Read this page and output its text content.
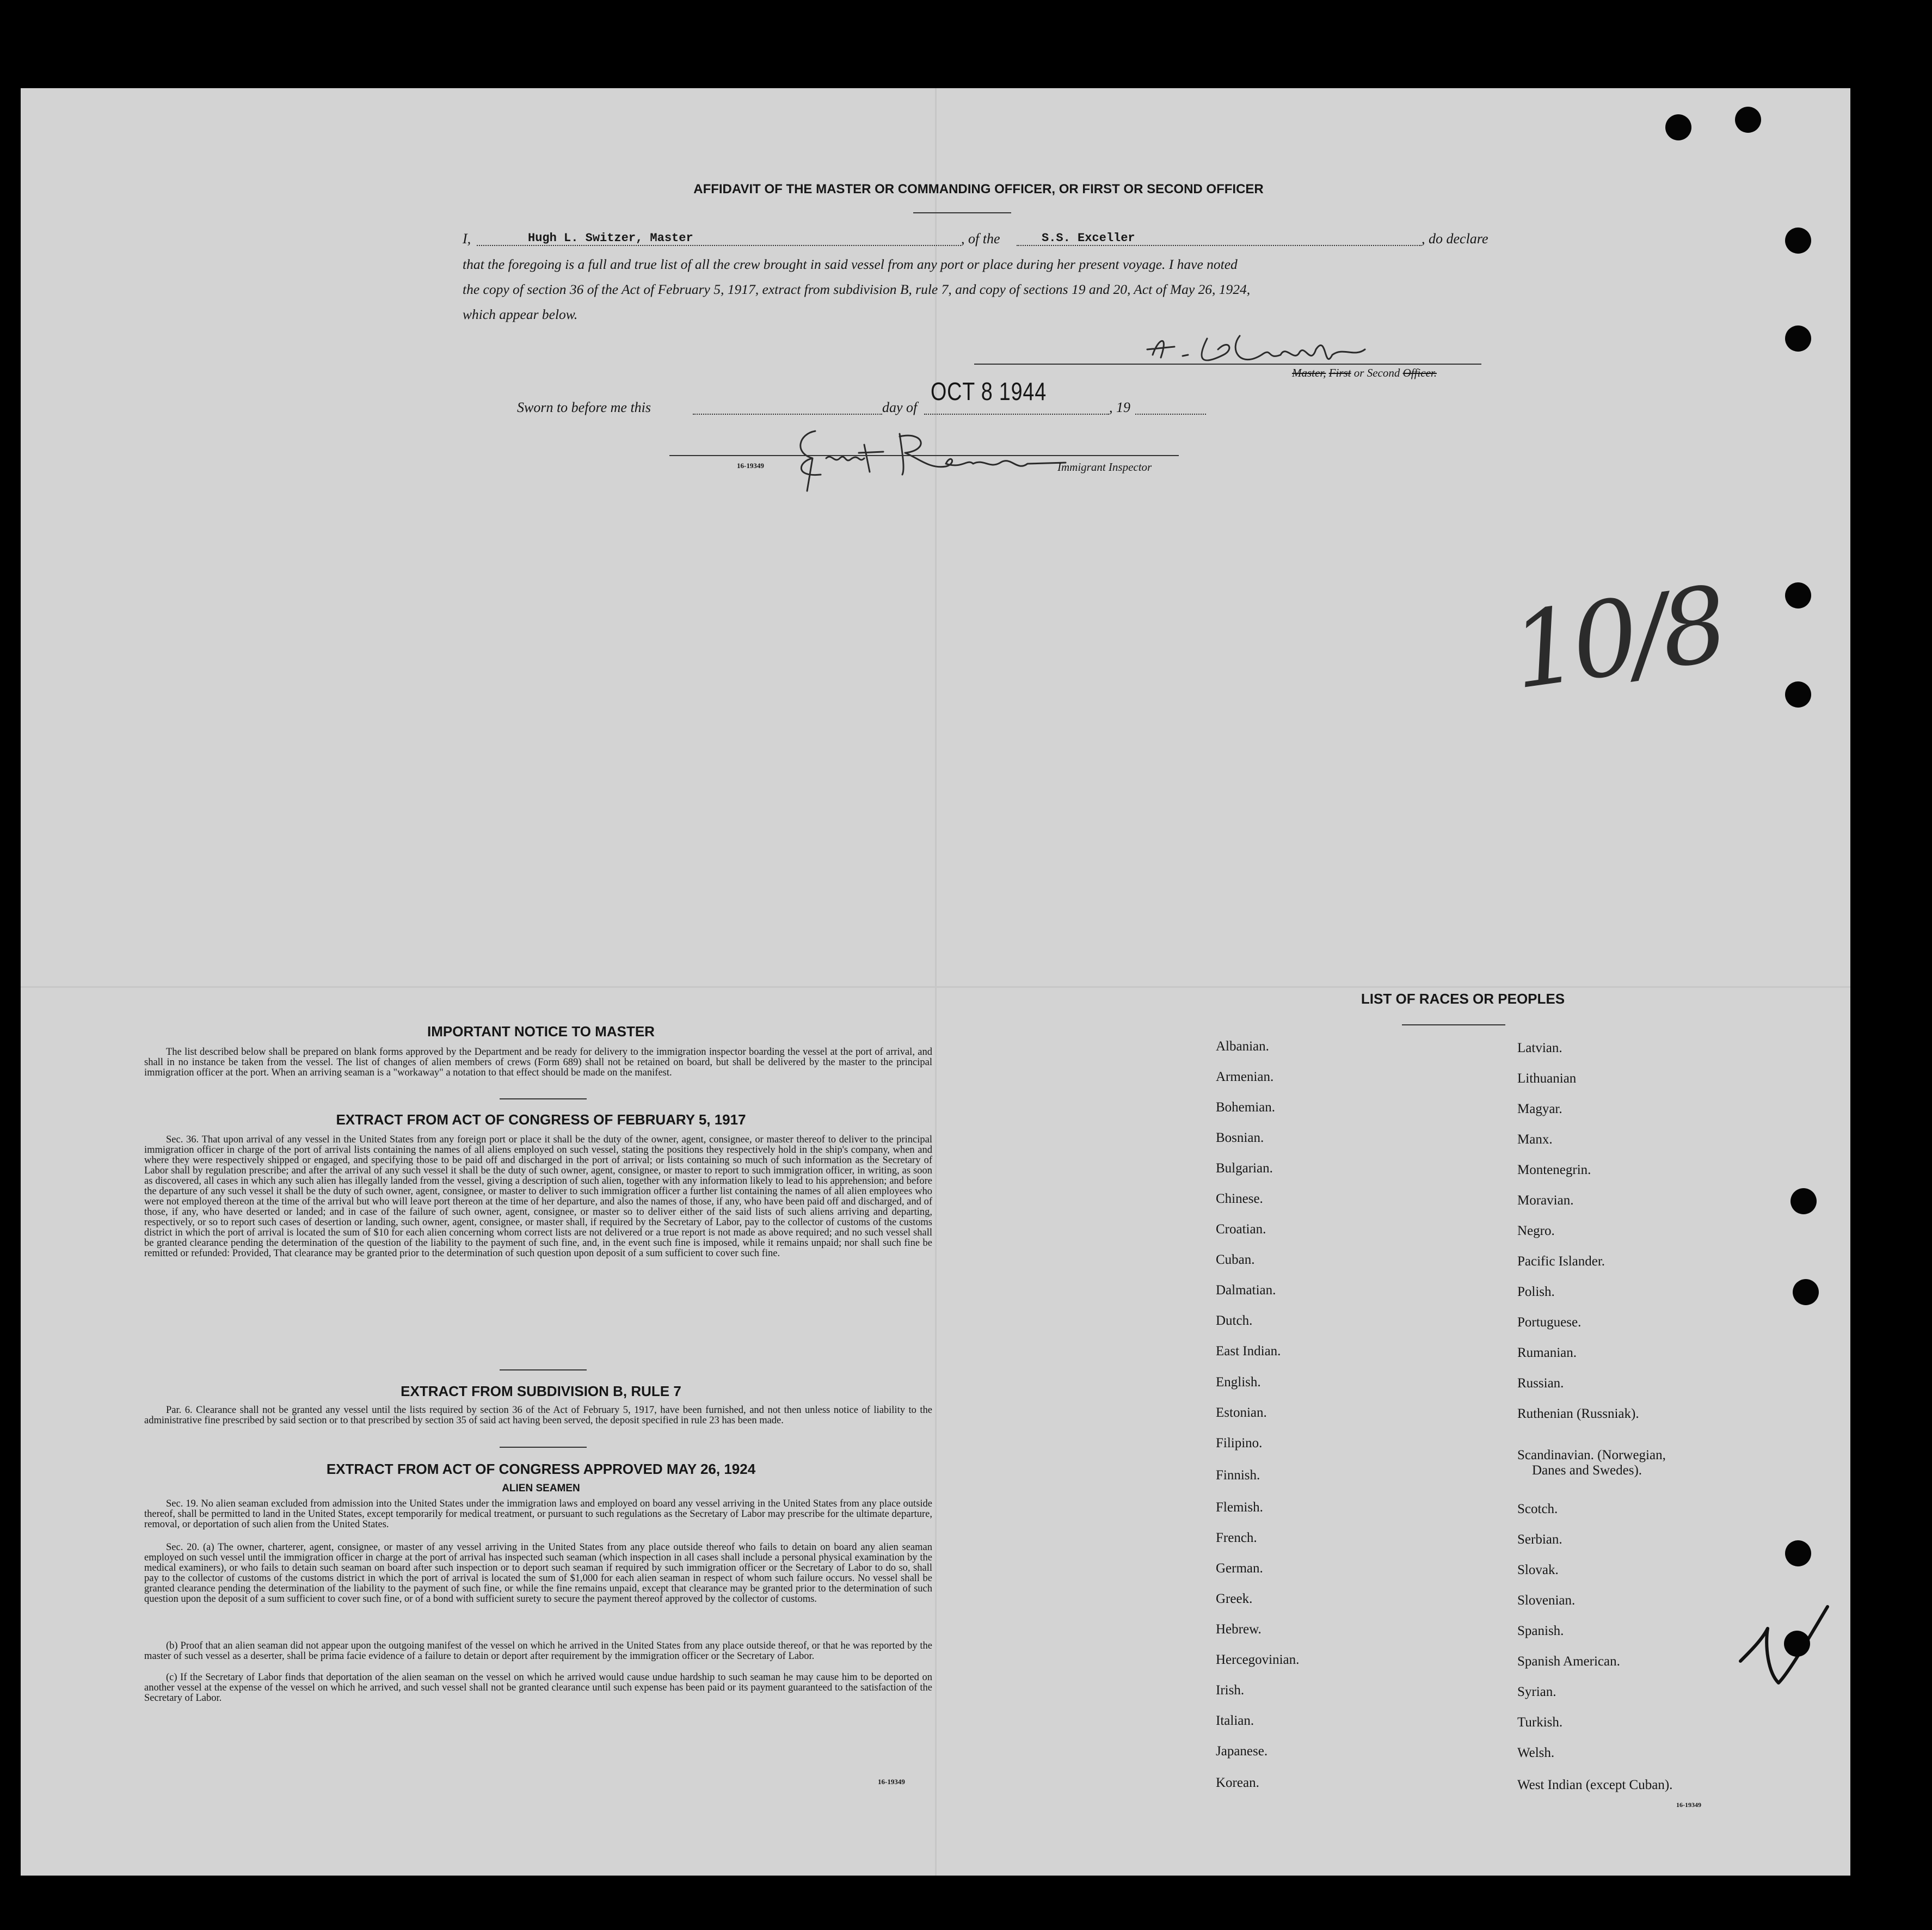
AFFIDAVIT OF THE MASTER OR COMMANDING OFFICER, OR FIRST OR SECOND OFFICER
I,	Hugh L. Switzer, Master	, of the	S.S. Exceller	, do declare
that the foregoing is a full and true list of all the crew brought in said vessel from any port or place during her present voyage. I have noted
the copy of section 36 of the Act of February 5, 1917, extract from subdivision B, rule 7, and copy of sections 19 and 20, Act of May 26, 1924,
which appear below.
Master, First or Second Officer.
Sworn to before me this	day of
OCT 8 1944
, 19
16-19349	Immigrant Inspector
10/8
IMPORTANT NOTICE TO MASTER

The list described below shall be prepared on blank forms approved by the Department and be ready for delivery to the immigration inspector boarding the vessel at the port of arrival, and shall in no instance be taken from the vessel. The list of changes of alien members of crews (Form 689) shall not be retained on board, but shall be delivered by the master to the principal immigration officer at the port. When an arriving seaman is a "workaway" a notation to that effect should be made on the manifest.

EXTRACT FROM ACT OF CONGRESS OF FEBRUARY 5, 1917

Sec. 36. That upon arrival of any vessel in the United States from any foreign port or place it shall be the duty of the owner, agent, consignee, or master thereof to deliver to the principal immigration officer in charge of the port of arrival lists containing the names of all aliens employed on such vessel, stating the positions they respectively hold in the ship's company, when and where they were respectively shipped or engaged, and specifying those to be paid off and discharged in the port of arrival; or lists containing so much of such information as the Secretary of Labor shall by regulation prescribe; and after the arrival of any such vessel it shall be the duty of such owner, agent, consignee, or master to report to such immigration officer, in writing, as soon as discovered, all cases in which any such alien has illegally landed from the vessel, giving a description of such alien, together with any information likely to lead to his apprehension; and before the departure of any such vessel it shall be the duty of such owner, agent, consignee, or master to deliver to such immigration officer a further list containing the names of all alien employees who were not employed thereon at the time of the arrival but who will leave port thereon at the time of her departure, and also the names of those, if any, who have been paid off and discharged, and of those, if any, who have deserted or landed; and in case of the failure of such owner, agent, consignee, or master so to deliver either of the said lists of such aliens arriving and departing, respectively, or so to report such cases of desertion or landing, such owner, agent, consignee, or master shall, if required by the Secretary of Labor, pay to the collector of customs of the customs district in which the port of arrival is located the sum of $10 for each alien concerning whom correct lists are not delivered or a true report is not made as above required; and no such vessel shall be granted clearance pending the determination of the question of the liability to the payment of such fine, and, in the event such fine is imposed, while it remains unpaid; nor shall such fine be remitted or refunded: Provided, That clearance may be granted prior to the determination of such question upon deposit of a sum sufficient to cover such fine.

EXTRACT FROM SUBDIVISION B, RULE 7

Par. 6. Clearance shall not be granted any vessel until the lists required by section 36 of the Act of February 5, 1917, have been furnished, and not then unless notice of liability to the administrative fine prescribed by said section or to that prescribed by section 35 of said act having been served, the deposit specified in rule 23 has been made.

EXTRACT FROM ACT OF CONGRESS APPROVED MAY 26, 1924
ALIEN SEAMEN

Sec. 19. No alien seaman excluded from admission into the United States under the immigration laws and employed on board any vessel arriving in the United States from any place outside thereof, shall be permitted to land in the United States, except temporarily for medical treatment, or pursuant to such regulations as the Secretary of Labor may prescribe for the ultimate departure, removal, or deportation of such alien from the United States.

Sec. 20. (a) The owner, charterer, agent, consignee, or master of any vessel arriving in the United States from any place outside thereof who fails to detain on board any alien seaman employed on such vessel until the immigration officer in charge at the port of arrival has inspected such seaman (which inspection in all cases shall include a personal physical examination by the medical examiners), or who fails to detain such seaman on board after such inspection or to deport such seaman if required by such immigration officer or the Secretary of Labor to do so, shall pay to the collector of customs of the customs district in which the port of arrival is located the sum of $1,000 for each alien seaman in respect of whom such failure occurs. No vessel shall be granted clearance pending the determination of the liability to the payment of such fine, or while the fine remains unpaid, except that clearance may be granted prior to the determination of such question upon the deposit of a sum sufficient to cover such fine, or of a bond with sufficient surety to secure the payment thereof approved by the collector of customs.

(b) Proof that an alien seaman did not appear upon the outgoing manifest of the vessel on which he arrived in the United States from any place outside thereof, or that he was reported by the master of such vessel as a deserter, shall be prima facie evidence of a failure to detain or deport after requirement by the immigration officer or the Secretary of Labor.

(c) If the Secretary of Labor finds that deportation of the alien seaman on the vessel on which he arrived would cause undue hardship to such seaman he may cause him to be deported on another vessel at the expense of the vessel on which he arrived, and such vessel shall not be granted clearance until such expense has been paid or its payment guaranteed to the satisfaction of the Secretary of Labor.

16-19349
LIST OF RACES OR PEOPLES
Albanian.
Armenian.
Bohemian.
Bosnian.
Bulgarian.
Chinese.
Croatian.
Cuban.
Dalmatian.
Dutch.
East Indian.
English.
Estonian.
Filipino.
Finnish.
Flemish.
French.
German.
Greek.
Hebrew.
Hercegovinian.
Irish.
Italian.
Japanese.
Korean.
Latvian.
Lithuanian
Magyar.
Manx.
Montenegrin.
Moravian.
Negro.
Pacific Islander.
Polish.
Portuguese.
Rumanian.
Russian.
Ruthenian (Russniak).
Scandinavian. (Norwegian,
Danes and Swedes).
Scotch.
Serbian.
Slovak.
Slovenian.
Spanish.
Spanish American.
Syrian.
Turkish.
Welsh.
West Indian (except Cuban).
16-19349
